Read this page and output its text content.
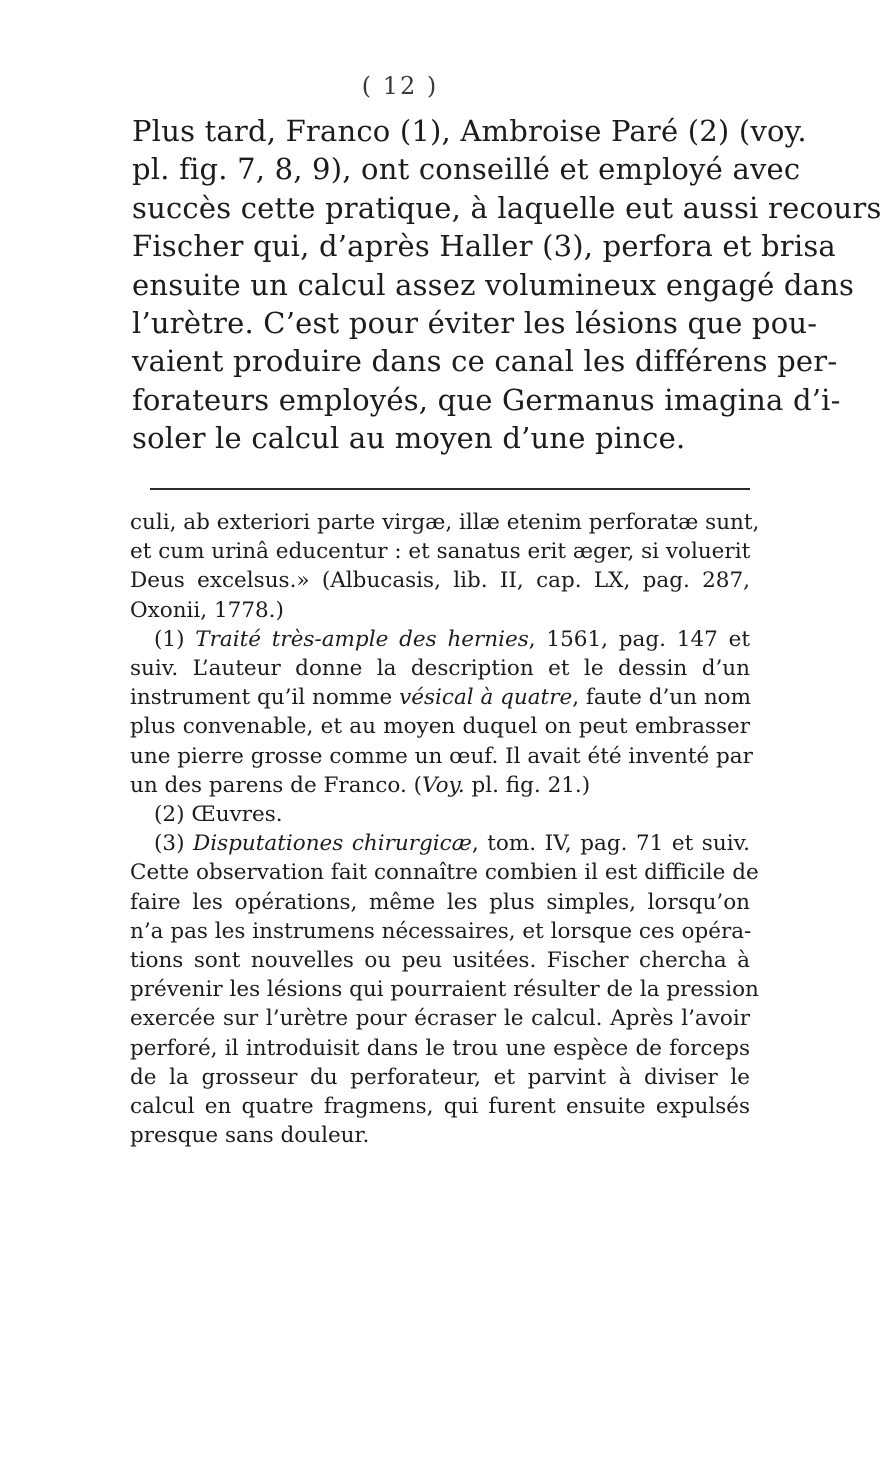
( 12 )
Plus tard, Franco (1), Ambroise Paré (2) (voy.
pl. fig. 7, 8, 9), ont conseillé et employé avec
succès cette pratique, à laquelle eut aussi recours
Fischer qui, d’après Haller (3), perfora et brisa
ensuite un calcul assez volumineux engagé dans
l’urètre. C’est pour éviter les lésions que pou-
vaient produire dans ce canal les différens per-
forateurs employés, que Germanus imagina d’i-
soler le calcul au moyen d’une pince.
culi, ab exteriori parte virgæ, illæ etenim perforatæ sunt,
et cum urinâ educentur : et sanatus erit æger, si voluerit
Deus excelsus.» (Albucasis, lib. II, cap. LX, pag. 287,
Oxonii, 1778.)
(1) Traité très-ample des hernies, 1561, pag. 147 et
suiv. L’auteur donne la description et le dessin d’un
instrument qu’il nomme vésical à quatre, faute d’un nom
plus convenable, et au moyen duquel on peut embrasser
une pierre grosse comme un œuf. Il avait été inventé par
un des parens de Franco. (Voy. pl. fig. 21.)
(2) Œuvres.
(3) Disputationes chirurgicæ, tom. IV, pag. 71 et suiv.
Cette observation fait connaître combien il est difficile de
faire les opérations, même les plus simples, lorsqu’on
n’a pas les instrumens nécessaires, et lorsque ces opéra-
tions sont nouvelles ou peu usitées. Fischer chercha à
prévenir les lésions qui pourraient résulter de la pression
exercée sur l’urètre pour écraser le calcul. Après l’avoir
perforé, il introduisit dans le trou une espèce de forceps
de la grosseur du perforateur, et parvint à diviser le
calcul en quatre fragmens, qui furent ensuite expulsés
presque sans douleur.
